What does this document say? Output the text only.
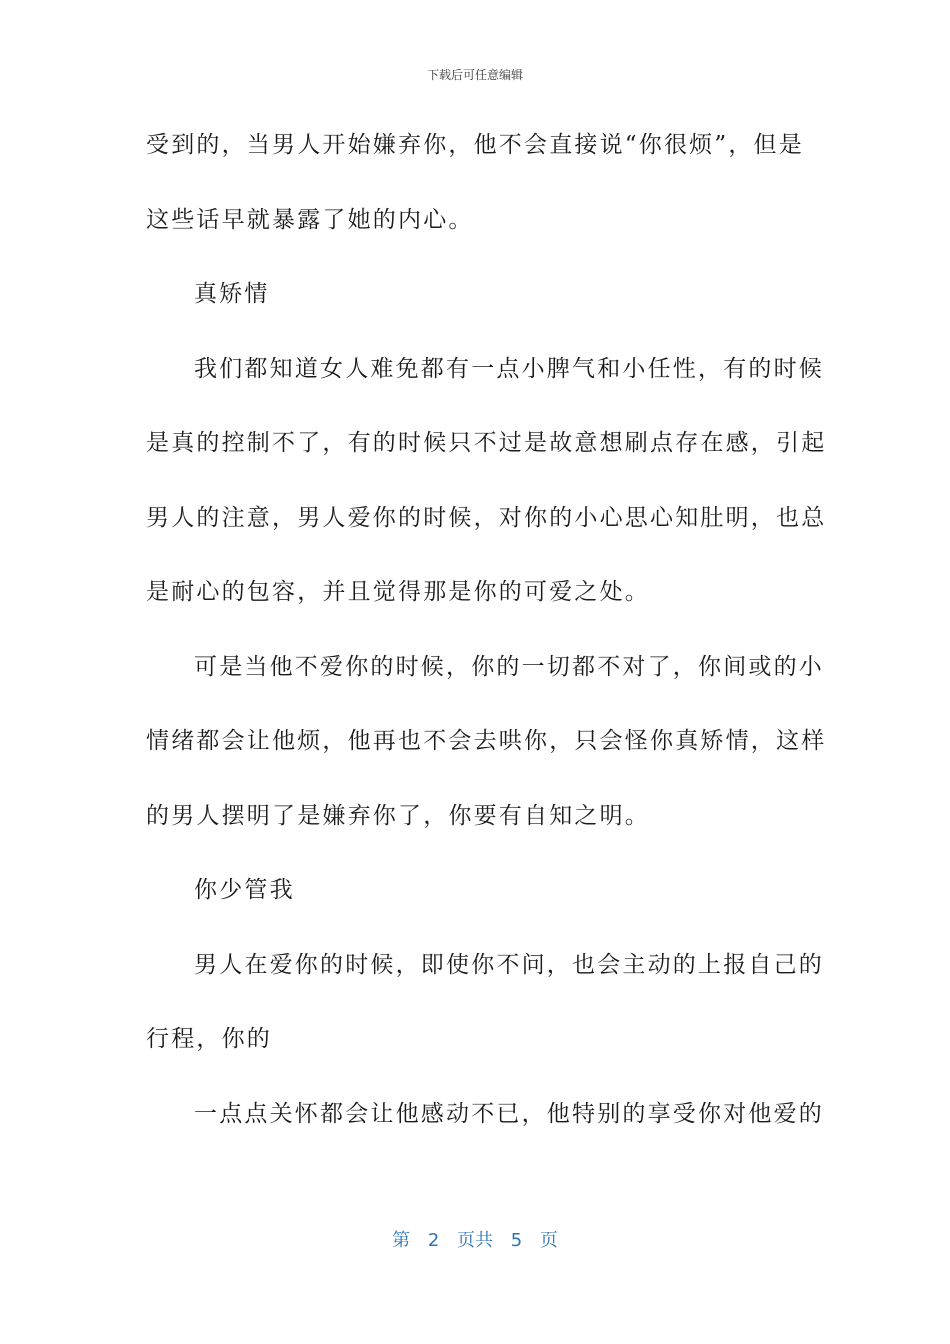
下载后可任意编辑
受到的，当男人开始嫌弃你，他不会直接说“你很烦”，但是
这些话早就暴露了她的内心。
真矫情
我们都知道女人难免都有一点小脾气和小任性，有的时候
是真的控制不了，有的时候只不过是故意想刷点存在感，引起
男人的注意，男人爱你的时候，对你的小心思心知肚明，也总
是耐心的包容，并且觉得那是你的可爱之处。
可是当他不爱你的时候，你的一切都不对了，你间或的小
情绪都会让他烦，他再也不会去哄你，只会怪你真矫情，这样
的男人摆明了是嫌弃你了，你要有自知之明。
你少管我
男人在爱你的时候，即使你不问，也会主动的上报自己的
行程，你的
一点点关怀都会让他感动不已，他特别的享受你对他爱的
第 2 页共 5 页
